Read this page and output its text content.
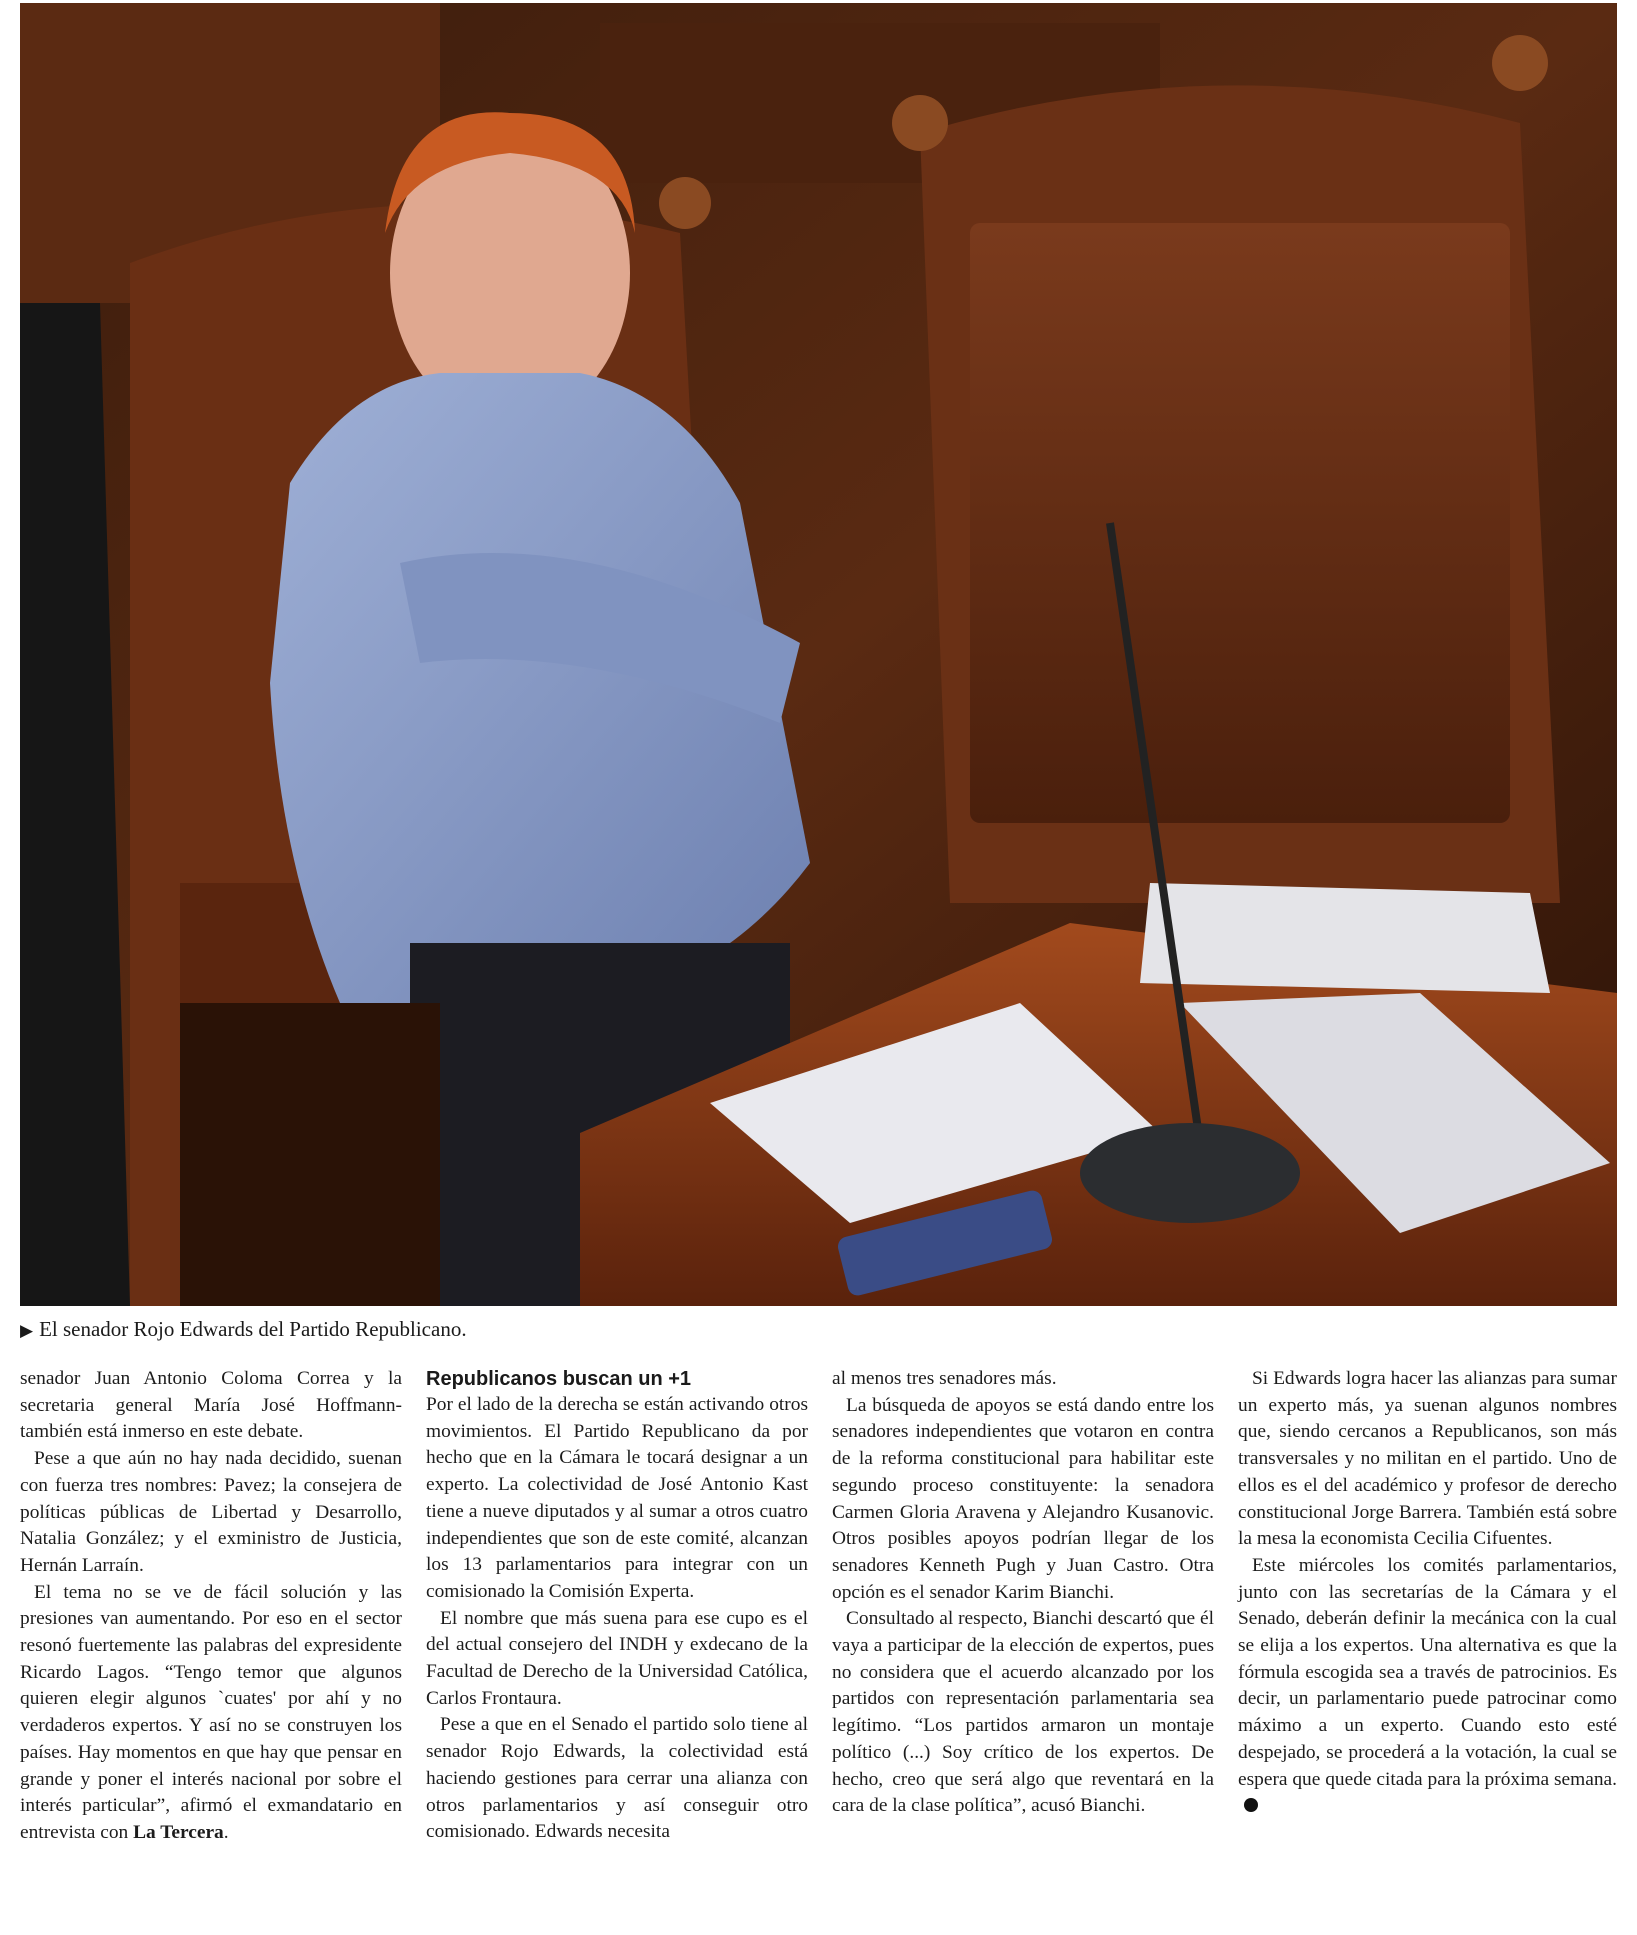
▶ El senador Rojo Edwards del Partido Republicano.

senador Juan Antonio Coloma Correa y la secretaria general María José Hoffmann- también está inmerso en este debate.

Pese a que aún no hay nada decidido, suenan con fuerza tres nombres: Pavez; la consejera de políticas públicas de Libertad y Desarrollo, Natalia González; y el exministro de Justicia, Hernán Larraín.

El tema no se ve de fácil solución y las presiones van aumentando. Por eso en el sector resonó fuertemente las palabras del expresidente Ricardo Lagos. “Tengo temor que algunos quieren elegir algunos `cuates' por ahí y no verdaderos expertos. Y así no se construyen los países. Hay momentos en que hay que pensar en grande y poner el interés nacional por sobre el interés particular”, afirmó el exmandatario en entrevista con La Tercera.

Republicanos buscan un +1

Por el lado de la derecha se están activando otros movimientos. El Partido Republicano da por hecho que en la Cámara le tocará designar a un experto. La colectividad de José Antonio Kast tiene a nueve diputados y al sumar a otros cuatro independientes que son de este comité, alcanzan los 13 parlamentarios para integrar con un comisionado la Comisión Experta.

El nombre que más suena para ese cupo es el del actual consejero del INDH y exdecano de la Facultad de Derecho de la Universidad Católica, Carlos Frontaura.

Pese a que en el Senado el partido solo tiene al senador Rojo Edwards, la colectividad está haciendo gestiones para cerrar una alianza con otros parlamentarios y así conseguir otro comisionado. Edwards necesita

al menos tres senadores más.

La búsqueda de apoyos se está dando entre los senadores independientes que votaron en contra de la reforma constitucional para habilitar este segundo proceso constituyente: la senadora Carmen Gloria Aravena y Alejandro Kusanovic. Otros posibles apoyos podrían llegar de los senadores Kenneth Pugh y Juan Castro. Otra opción es el senador Karim Bianchi.

Consultado al respecto, Bianchi descartó que él vaya a participar de la elección de expertos, pues no considera que el acuerdo alcanzado por los partidos con representación parlamentaria sea legítimo. “Los partidos armaron un montaje político (...) Soy crítico de los expertos. De hecho, creo que será algo que reventará en la cara de la clase política”, acusó Bianchi.

Si Edwards logra hacer las alianzas para sumar un experto más, ya suenan algunos nombres que, siendo cercanos a Republicanos, son más transversales y no militan en el partido. Uno de ellos es el del académico y profesor de derecho constitucional Jorge Barrera. También está sobre la mesa la economista Cecilia Cifuentes.

Este miércoles los comités parlamentarios, junto con las secretarías de la Cámara y el Senado, deberán definir la mecánica con la cual se elija a los expertos. Una alternativa es que la fórmula escogida sea a través de patrocinios. Es decir, un parlamentario puede patrocinar como máximo a un experto. Cuando esto esté despejado, se procederá a la votación, la cual se espera que quede citada para la próxima semana.
